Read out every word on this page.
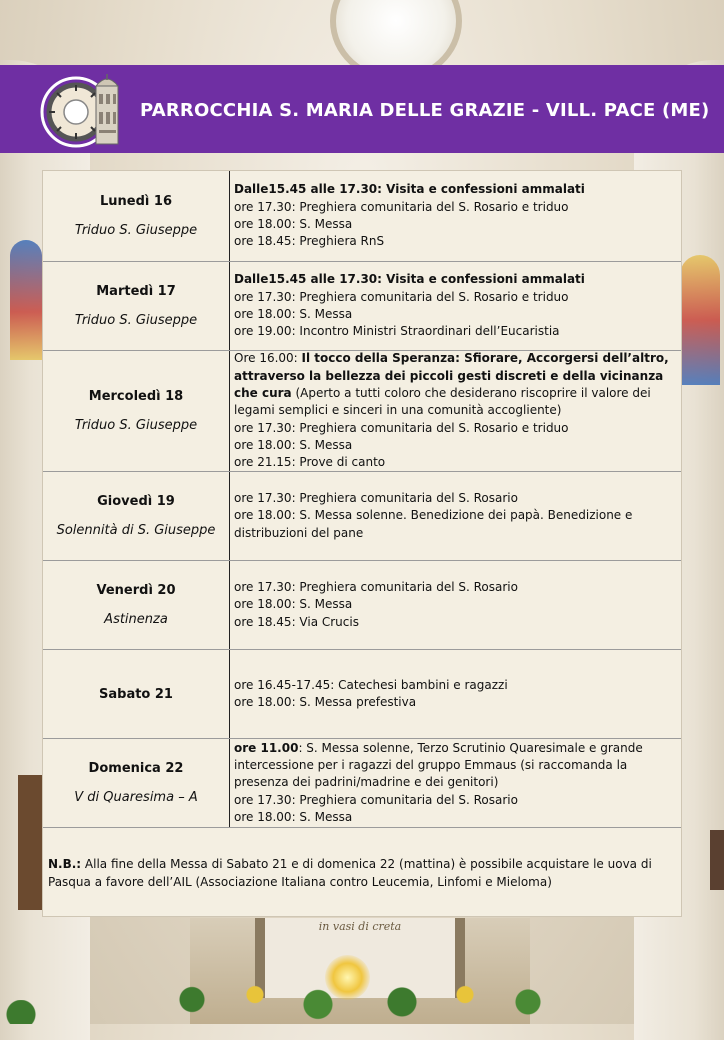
in vasi di creta
PARROCCHIA S. MARIA DELLE GRAZIE - VILL. PACE (ME)
Lunedì 16
Triduo S. Giuseppe
Dalle15.45 alle 17.30: Visita e confessioni ammalati
ore 17.30: Preghiera comunitaria del S. Rosario e triduo
ore 18.00: S. Messa
ore 18.45: Preghiera RnS
Martedì 17
Triduo S. Giuseppe
Dalle15.45 alle 17.30: Visita e confessioni ammalati
ore 17.30: Preghiera comunitaria del S. Rosario e triduo
ore 18.00: S. Messa
ore 19.00: Incontro Ministri Straordinari dell’Eucaristia
Mercoledì 18
Triduo S. Giuseppe
Ore 16.00: Il tocco della Speranza: Sfiorare, Accorgersi dell’altro, attraverso la bellezza dei piccoli gesti discreti e della vicinanza che cura (Aperto a tutti coloro che desiderano riscoprire il valore dei legami semplici e sinceri in una comunità accogliente)
ore 17.30: Preghiera comunitaria del S. Rosario e triduo
ore 18.00: S. Messa
ore 21.15: Prove di canto
Giovedì 19
Solennità di S. Giuseppe
ore 17.30: Preghiera comunitaria del S. Rosario
ore 18.00: S. Messa solenne. Benedizione dei papà. Benedizione e distribuzioni del pane
Venerdì 20
Astinenza
ore 17.30: Preghiera comunitaria del S. Rosario
ore 18.00: S. Messa
ore 18.45: Via Crucis
Sabato 21
ore 16.45-17.45: Catechesi bambini e ragazzi
ore 18.00: S. Messa prefestiva
Domenica 22
V di Quaresima – A
ore 11.00: S. Messa solenne, Terzo Scrutinio Quaresimale e grande intercessione per i ragazzi del gruppo Emmaus (si raccomanda la presenza dei padrini/madrine e dei genitori)
ore 17.30: Preghiera comunitaria del S. Rosario
ore 18.00: S. Messa
N.B.: Alla fine della Messa di Sabato 21 e di domenica 22 (mattina) è possibile acquistare le uova di Pasqua a favore dell’AIL (Associazione Italiana contro Leucemia, Linfomi e Mieloma)
